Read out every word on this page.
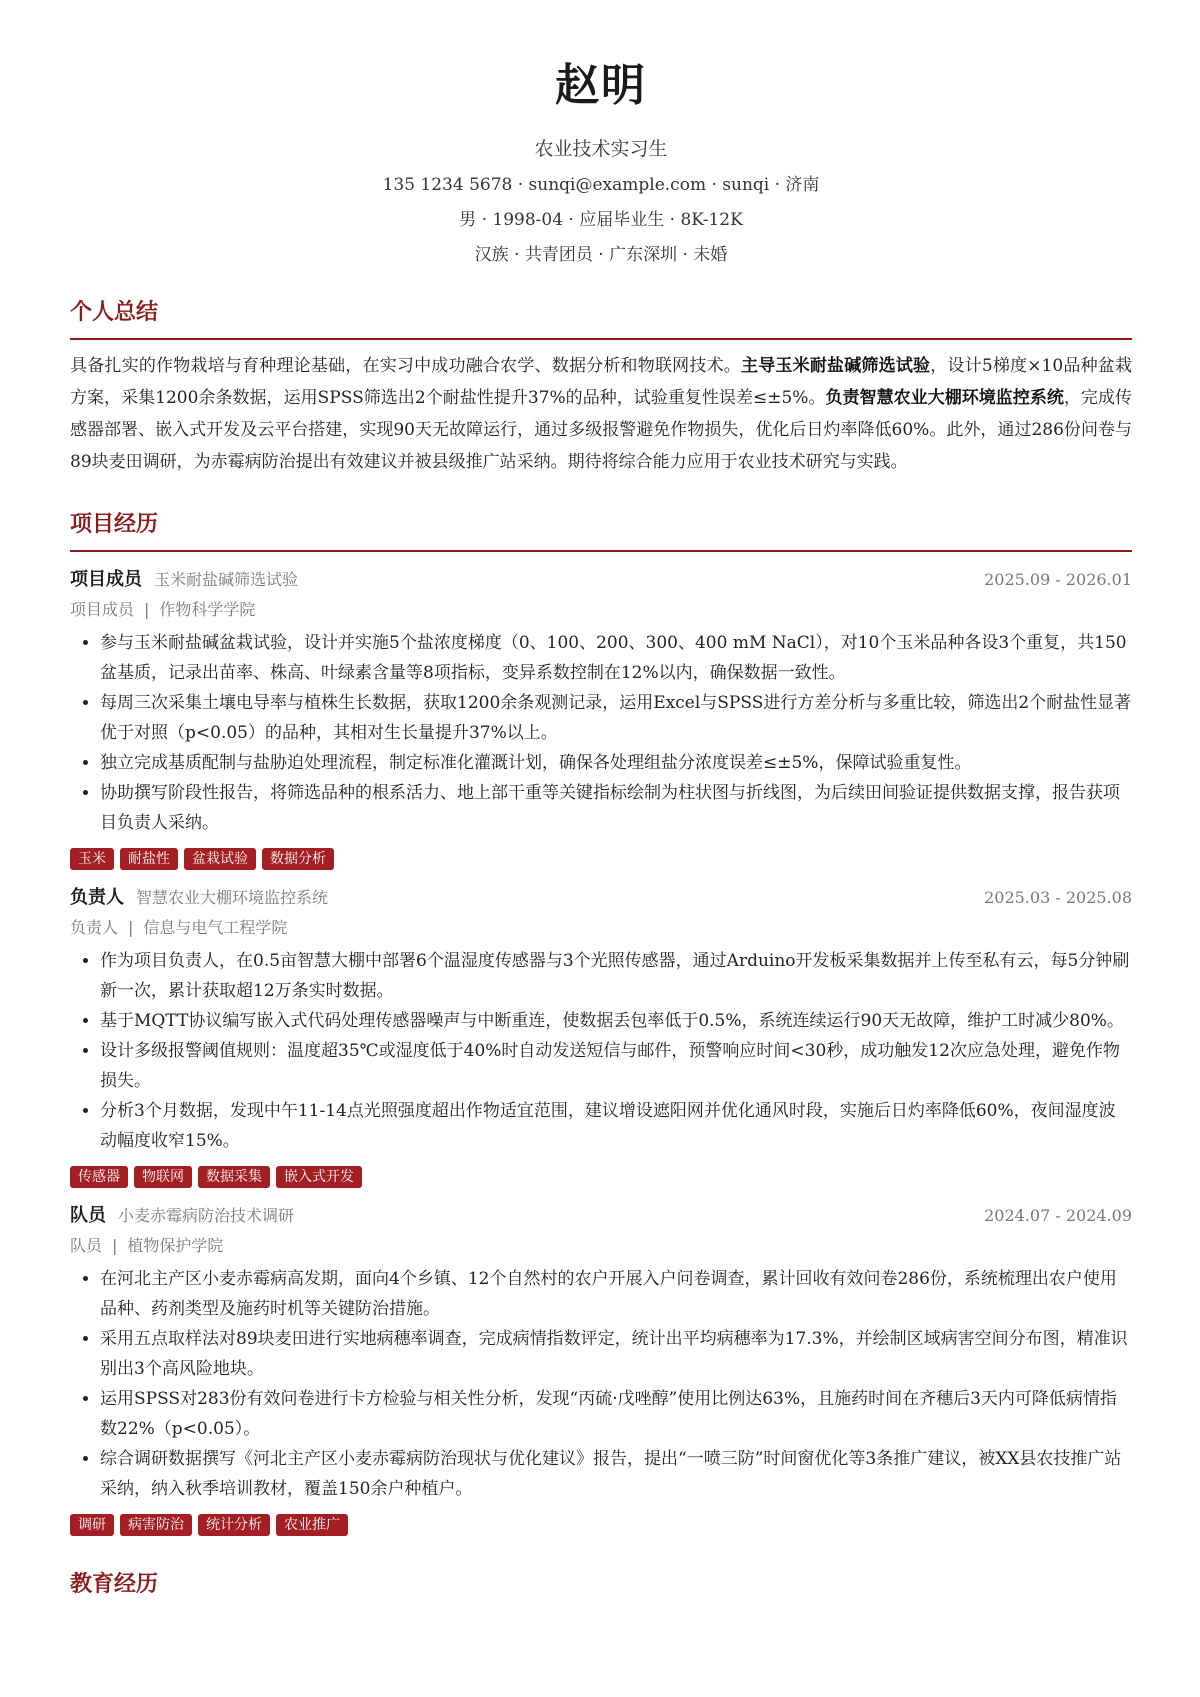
赵明
农业技术实习生
135 1234 5678 · sunqi@example.com · sunqi · 济南
男 · 1998-04 · 应届毕业生 · 8K-12K
汉族 · 共青团员 · 广东深圳 · 未婚
个人总结
具备扎实的作物栽培与育种理论基础，在实习中成功融合农学、数据分析和物联网技术。主导玉米耐盐碱筛选试验，设计5梯度×10品种盆栽方案，采集1200余条数据，运用SPSS筛选出2个耐盐性提升37%的品种，试验重复性误差≤±5%。负责智慧农业大棚环境监控系统，完成传感器部署、嵌入式开发及云平台搭建，实现90天无故障运行，通过多级报警避免作物损失，优化后日灼率降低60%。此外，通过286份问卷与89块麦田调研，为赤霉病防治提出有效建议并被县级推广站采纳。期待将综合能力应用于农业技术研究与实践。
项目经历
项目成员 玉米耐盐碱筛选试验	2025.09 - 2026.01
项目成员 | 作物科学学院
• 参与玉米耐盐碱盆栽试验，设计并实施5个盐浓度梯度（0、100、200、300、400 mM NaCl），对10个玉米品种各设3个重复，共150盆基质，记录出苗率、株高、叶绿素含量等8项指标，变异系数控制在12%以内，确保数据一致性。
• 每周三次采集土壤电导率与植株生长数据，获取1200余条观测记录，运用Excel与SPSS进行方差分析与多重比较，筛选出2个耐盐性显著优于对照（p<0.05）的品种，其相对生长量提升37%以上。
• 独立完成基质配制与盐胁迫处理流程，制定标准化灌溉计划，确保各处理组盐分浓度误差≤±5%，保障试验重复性。
• 协助撰写阶段性报告，将筛选品种的根系活力、地上部干重等关键指标绘制为柱状图与折线图，为后续田间验证提供数据支撑，报告获项目负责人采纳。
玉米	耐盐性	盆栽试验	数据分析
负责人 智慧农业大棚环境监控系统	2025.03 - 2025.08
负责人 | 信息与电气工程学院
• 作为项目负责人，在0.5亩智慧大棚中部署6个温湿度传感器与3个光照传感器，通过Arduino开发板采集数据并上传至私有云，每5分钟刷新一次，累计获取超12万条实时数据。
• 基于MQTT协议编写嵌入式代码处理传感器噪声与中断重连，使数据丢包率低于0.5%，系统连续运行90天无故障，维护工时减少80%。
• 设计多级报警阈值规则：温度超35℃或湿度低于40%时自动发送短信与邮件，预警响应时间<30秒，成功触发12次应急处理，避免作物损失。
• 分析3个月数据，发现中午11-14点光照强度超出作物适宜范围，建议增设遮阳网并优化通风时段，实施后日灼率降低60%，夜间湿度波动幅度收窄15%。
传感器	物联网	数据采集	嵌入式开发
队员 小麦赤霉病防治技术调研	2024.07 - 2024.09
队员 | 植物保护学院
• 在河北主产区小麦赤霉病高发期，面向4个乡镇、12个自然村的农户开展入户问卷调查，累计回收有效问卷286份，系统梳理出农户使用品种、药剂类型及施药时机等关键防治措施。
• 采用五点取样法对89块麦田进行实地病穗率调查，完成病情指数评定，统计出平均病穗率为17.3%，并绘制区域病害空间分布图，精准识别出3个高风险地块。
• 运用SPSS对283份有效问卷进行卡方检验与相关性分析，发现“丙硫·戊唑醇”使用比例达63%，且施药时间在齐穗后3天内可降低病情指数22%（p<0.05）。
• 综合调研数据撰写《河北主产区小麦赤霉病防治现状与优化建议》报告，提出“一喷三防”时间窗优化等3条推广建议，被XX县农技推广站采纳，纳入秋季培训教材，覆盖150余户种植户。
调研	病害防治	统计分析	农业推广
教育经历
